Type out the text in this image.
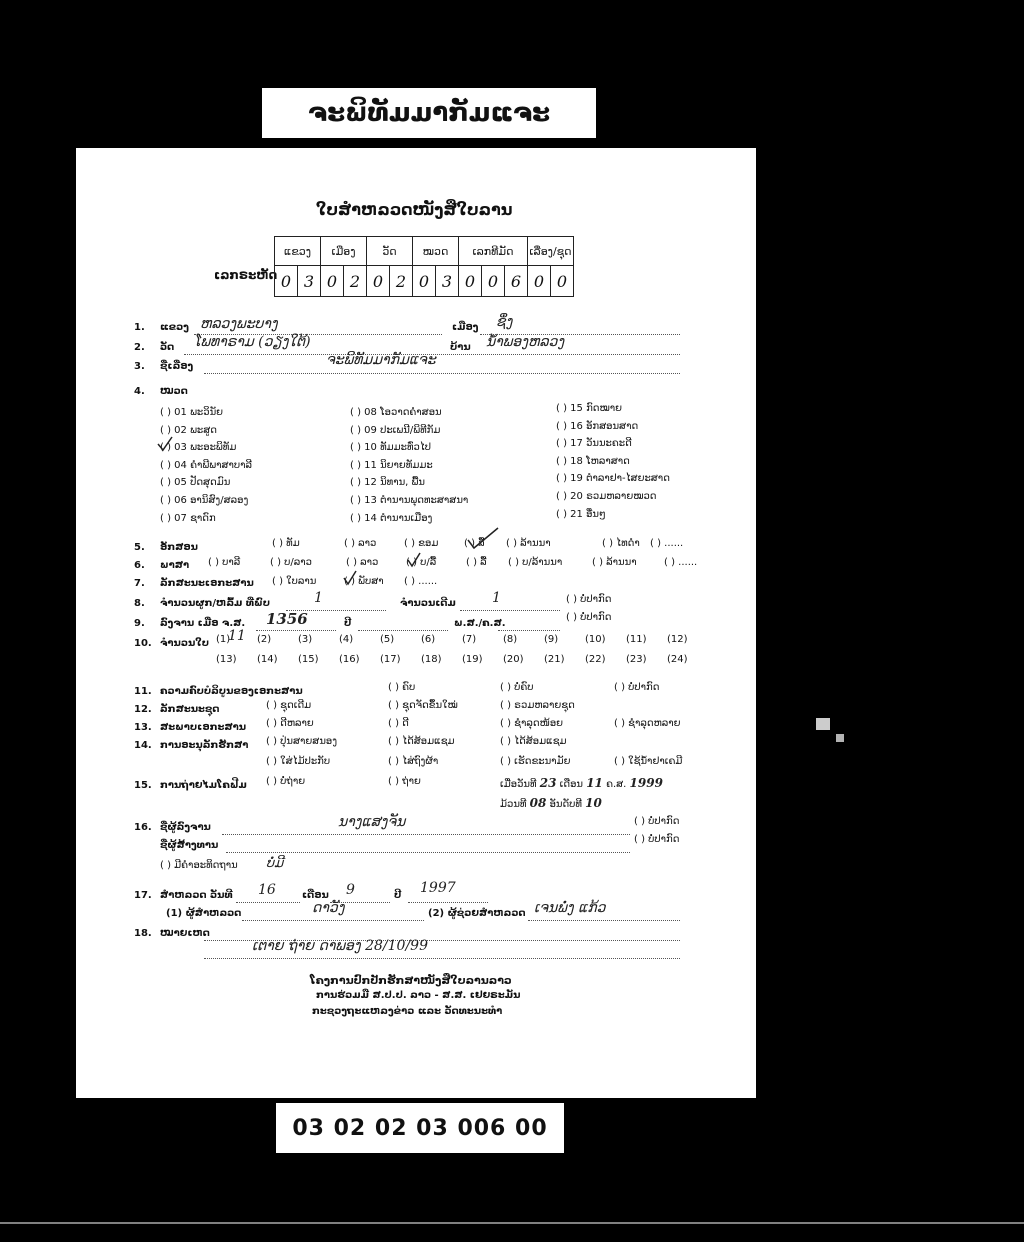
ຈະພິທັມມາກັມແຈະ
ໃບສຳຫລວດໜັງສືໃບລານ
ເລກຣະຫັດ
ແຂວງ		ເມືອງ		ວັດ		ໝວດ		ເລກທີມັດ			ເລື່ອງ/ຊຸດ	
0	3	0	2	0	2	0	3	0	0	6	0	0
1. ແຂວງ ຫລວງພະບາງ	ເມືອງ ຊຶ່ງ
2. ວັດ ໂພທາຣາມ (ວຽງໃຕ້)	ບ້ານ ນ້ຳພອງຫລວງ
3. ຊື່ເລື່ອງ	ຈະພິທັມມາກັມແຈະ
4. ໝວດ
( ) 01 ພະວິນັຍ
( ) 02 ພະສູດ
( ) 03 ພະອະພິທັມ
( ) 04 ຄຳພີພາສາບາລີ
( ) 05 ປັດສຸດມົນ
( ) 06 ອານິສົງ/ສລອງ
( ) 07 ຊາດົກ
( ) 08 ໂອວາດຄຳສອນ
( ) 09 ປະເພນີ/ພິທີກັມ
( ) 10 ທັມມະທົ່ວໄປ
( ) 11 ນິຍາຍທັມມະ
( ) 12 ນິທານ, ພື້ນ
( ) 13 ຕຳນານພຸດທະສາສນາ
( ) 14 ຕຳນານເມືອງ
( ) 15 ກົດໝາຍ
( ) 16 ອັກສອນສາດ
( ) 17 ວັນນະຄະດີ
( ) 18 ໂຫລາສາດ
( ) 19 ຕຳລາຢາ-ໄສຍະສາດ
( ) 20 ຣວມຫລາຍໝວດ
( ) 21 ອື່ນໆ
5. ອັກສອນ	( ) ທັມ	( ) ລາວ	( ) ຂອມ	( ) ລື້ ( ) ລ້ານນາ	( ) ໄທດຳ ( ) ......
6. ພາສາ ( ) ບາລີ	( ) ບ/ລາວ	( ) ລາວ	( ) ບ/ລື້	( ) ລື້ ( ) ບ/ລ້ານນາ	( ) ລ້ານນາ	( ) ......
7. ລັກສະນະເອກະສານ ( ) ໃບລານ	( ) ພັບສາ ( ) ......
8. ຈຳນວນຜູກ/ຫລົ້ມ ທີ່ພົບ	1	ຈຳນວນເດີມ	1	( ) ບໍ່ປາກົດ
9. ລົງຈານ ເມື່ອ ຈ.ສ. 1356	ປີ	ພ.ສ./ຄ.ສ.
( ) ບໍ່ປາກົດ
10. ຈຳນວນໃບ (1)	(2)	(3)	(4)	(5)	(6)	(7)	(8)	(9)	(10) (11) (12)
(13) (14) (15) (16) (17) (18) (19) (20) (21) (22) (23) (24)
11
11. ຄວາມຄົບບໍລິບູນຂອງເອກະສານ	( ) ຄົບ	( ) ບໍ່ຄົບ	( ) ບໍ່ປາກົດ
12. ລັກສະນະຊຸດ	( ) ຊຸດເດີມ	( ) ຊຸດຈັດຂຶ້ນໃໝ່	( ) ຣວມຫລາຍຊຸດ
13. ສະພາບເອກະສານ ( ) ດີຫລາຍ	( ) ດີ	( ) ຊຳລຸດໜ້ອຍ	( ) ຊຳລຸດຫລາຍ
14. ການອະນຸລັກຮັກສາ ( ) ປຸ່ນສາຍສນອງ	( ) ໄດ້ສ້ອມແຊມ	( ) ໄດ້ສ້ອມແຊມ
( ) ໃສ່ໄມ້ປະກັບ	( ) ໄສ່ຖົງຜ້າ	( ) ເຮັດຂະນາມັຍ	( ) ໃຊ້ນ້ຳຢາເຄມີ
15. ການຖ່າຍໄມໂຄຟີມ ( ) ບໍ່ຖ່າຍ	( ) ຖ່າຍ	ເມື່ອວັນທີ 23 ເດືອນ 11 ຄ.ສ. 1999
ມ້ວນທີ 08 ອັນດັບທີ 10
16. ຊື່ຜູ້ລົງຈານ	ນາງແສງຈັນ	( ) ບໍ່ປາກົດ
ຊື່ຜູ້ສ້າງທານ
( ) ບໍ່ປາກົດ
( ) ມີຄຳອະທິດຖານ ບໍ່ມີ
17. ສຳຫລວດ ວັນທີ 16	ເດືອນ 9	ປີ 1997
(1) ຜູ້ສຳຫລວດ	ດາວັງ	(2) ຜູ້ຊ່ວຍສຳຫລວດ ເຈນພໍ່ງ ແກ້ວ
18. ໝາຍເຫດ
ເຕາຍ ຖ່າຍ ດາພອງ 28/10/99
ໂຄງການປົກປັກຮັກສາໜັງສືໃບລານລາວ
ການຮ່ວມມື ສ.ປ.ປ. ລາວ - ສ.ສ. ເຢຍຣະມັນ
ກະຊວງຖະແຫລງຂ່າວ ແລະ ວັດທະນະທຳ
03 02 02 03 006 00
